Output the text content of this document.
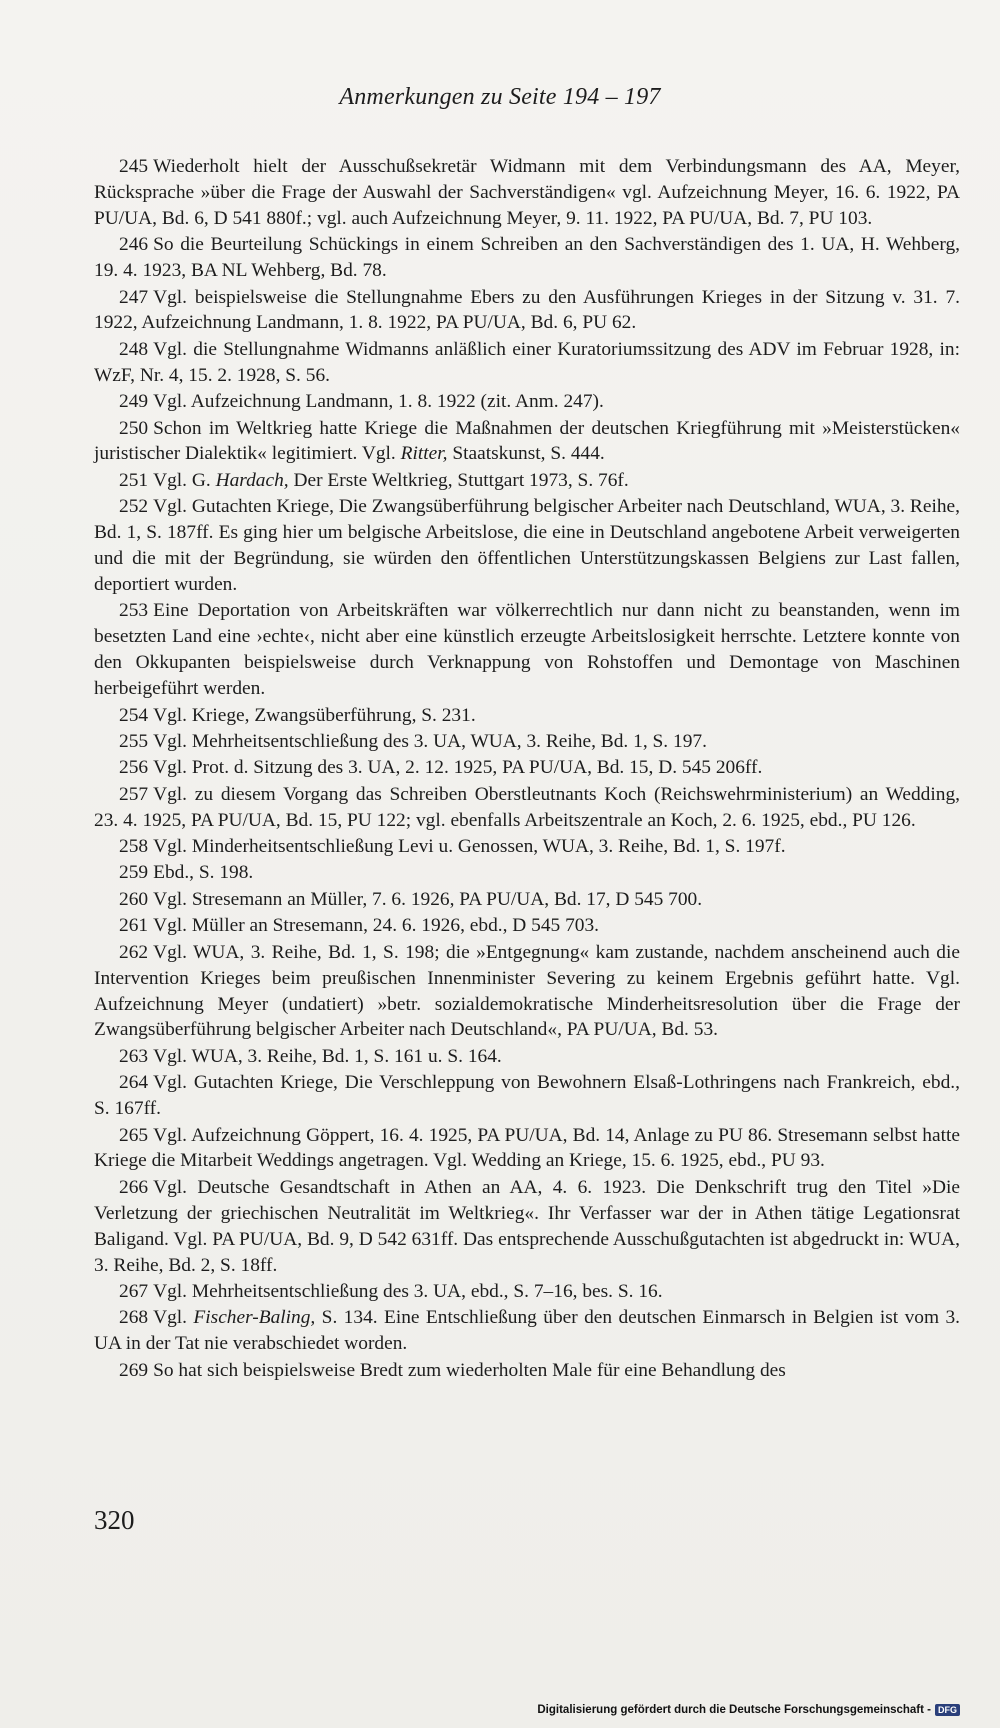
Anmerkungen zu Seite 194 – 197

245 Wiederholt hielt der Ausschußsekretär Widmann mit dem Verbindungsmann des AA, Meyer, Rücksprache »über die Frage der Auswahl der Sachverständigen« vgl. Aufzeichnung Meyer, 16. 6. 1922, PA PU/UA, Bd. 6, D 541 880f.; vgl. auch Aufzeichnung Meyer, 9. 11. 1922, PA PU/UA, Bd. 7, PU 103.

246 So die Beurteilung Schückings in einem Schreiben an den Sachverständigen des 1. UA, H. Wehberg, 19. 4. 1923, BA NL Wehberg, Bd. 78.

247 Vgl. beispielsweise die Stellungnahme Ebers zu den Ausführungen Krieges in der Sitzung v. 31. 7. 1922, Aufzeichnung Landmann, 1. 8. 1922, PA PU/UA, Bd. 6, PU 62.

248 Vgl. die Stellungnahme Widmanns anläßlich einer Kuratoriumssitzung des ADV im Februar 1928, in: WzF, Nr. 4, 15. 2. 1928, S. 56.

249 Vgl. Aufzeichnung Landmann, 1. 8. 1922 (zit. Anm. 247).

250 Schon im Weltkrieg hatte Kriege die Maßnahmen der deutschen Kriegführung mit »Meisterstücken« juristischer Dialektik« legitimiert. Vgl. Ritter, Staatskunst, S. 444.

251 Vgl. G. Hardach, Der Erste Weltkrieg, Stuttgart 1973, S. 76f.

252 Vgl. Gutachten Kriege, Die Zwangsüberführung belgischer Arbeiter nach Deutschland, WUA, 3. Reihe, Bd. 1, S. 187ff. Es ging hier um belgische Arbeitslose, die eine in Deutschland angebotene Arbeit verweigerten und die mit der Begründung, sie würden den öffentlichen Unterstützungskassen Belgiens zur Last fallen, deportiert wurden.

253 Eine Deportation von Arbeitskräften war völkerrechtlich nur dann nicht zu beanstanden, wenn im besetzten Land eine ›echte‹, nicht aber eine künstlich erzeugte Arbeitslosigkeit herrschte. Letztere konnte von den Okkupanten beispielsweise durch Verknappung von Rohstoffen und Demontage von Maschinen herbeigeführt werden.

254 Vgl. Kriege, Zwangsüberführung, S. 231.

255 Vgl. Mehrheitsentschließung des 3. UA, WUA, 3. Reihe, Bd. 1, S. 197.

256 Vgl. Prot. d. Sitzung des 3. UA, 2. 12. 1925, PA PU/UA, Bd. 15, D. 545 206ff.

257 Vgl. zu diesem Vorgang das Schreiben Oberstleutnants Koch (Reichswehrministerium) an Wedding, 23. 4. 1925, PA PU/UA, Bd. 15, PU 122; vgl. ebenfalls Arbeitszentrale an Koch, 2. 6. 1925, ebd., PU 126.

258 Vgl. Minderheitsentschließung Levi u. Genossen, WUA, 3. Reihe, Bd. 1, S. 197f.

259 Ebd., S. 198.

260 Vgl. Stresemann an Müller, 7. 6. 1926, PA PU/UA, Bd. 17, D 545 700.

261 Vgl. Müller an Stresemann, 24. 6. 1926, ebd., D 545 703.

262 Vgl. WUA, 3. Reihe, Bd. 1, S. 198; die »Entgegnung« kam zustande, nachdem anscheinend auch die Intervention Krieges beim preußischen Innenminister Severing zu keinem Ergebnis geführt hatte. Vgl. Aufzeichnung Meyer (undatiert) »betr. sozialdemokratische Minderheitsresolution über die Frage der Zwangsüberführung belgischer Arbeiter nach Deutschland«, PA PU/UA, Bd. 53.

263 Vgl. WUA, 3. Reihe, Bd. 1, S. 161 u. S. 164.

264 Vgl. Gutachten Kriege, Die Verschleppung von Bewohnern Elsaß-Lothringens nach Frankreich, ebd., S. 167ff.

265 Vgl. Aufzeichnung Göppert, 16. 4. 1925, PA PU/UA, Bd. 14, Anlage zu PU 86. Stresemann selbst hatte Kriege die Mitarbeit Weddings angetragen. Vgl. Wedding an Kriege, 15. 6. 1925, ebd., PU 93.

266 Vgl. Deutsche Gesandtschaft in Athen an AA, 4. 6. 1923. Die Denkschrift trug den Titel »Die Verletzung der griechischen Neutralität im Weltkrieg«. Ihr Verfasser war der in Athen tätige Legationsrat Baligand. Vgl. PA PU/UA, Bd. 9, D 542 631ff. Das entsprechende Ausschußgutachten ist abgedruckt in: WUA, 3. Reihe, Bd. 2, S. 18ff.

267 Vgl. Mehrheitsentschließung des 3. UA, ebd., S. 7–16, bes. S. 16.

268 Vgl. Fischer-Baling, S. 134. Eine Entschließung über den deutschen Einmarsch in Belgien ist vom 3. UA in der Tat nie verabschiedet worden.

269 So hat sich beispielsweise Bredt zum wiederholten Male für eine Behandlung des

320
Digitalisierung gefördert durch die Deutsche Forschungsgemeinschaft - DFG
